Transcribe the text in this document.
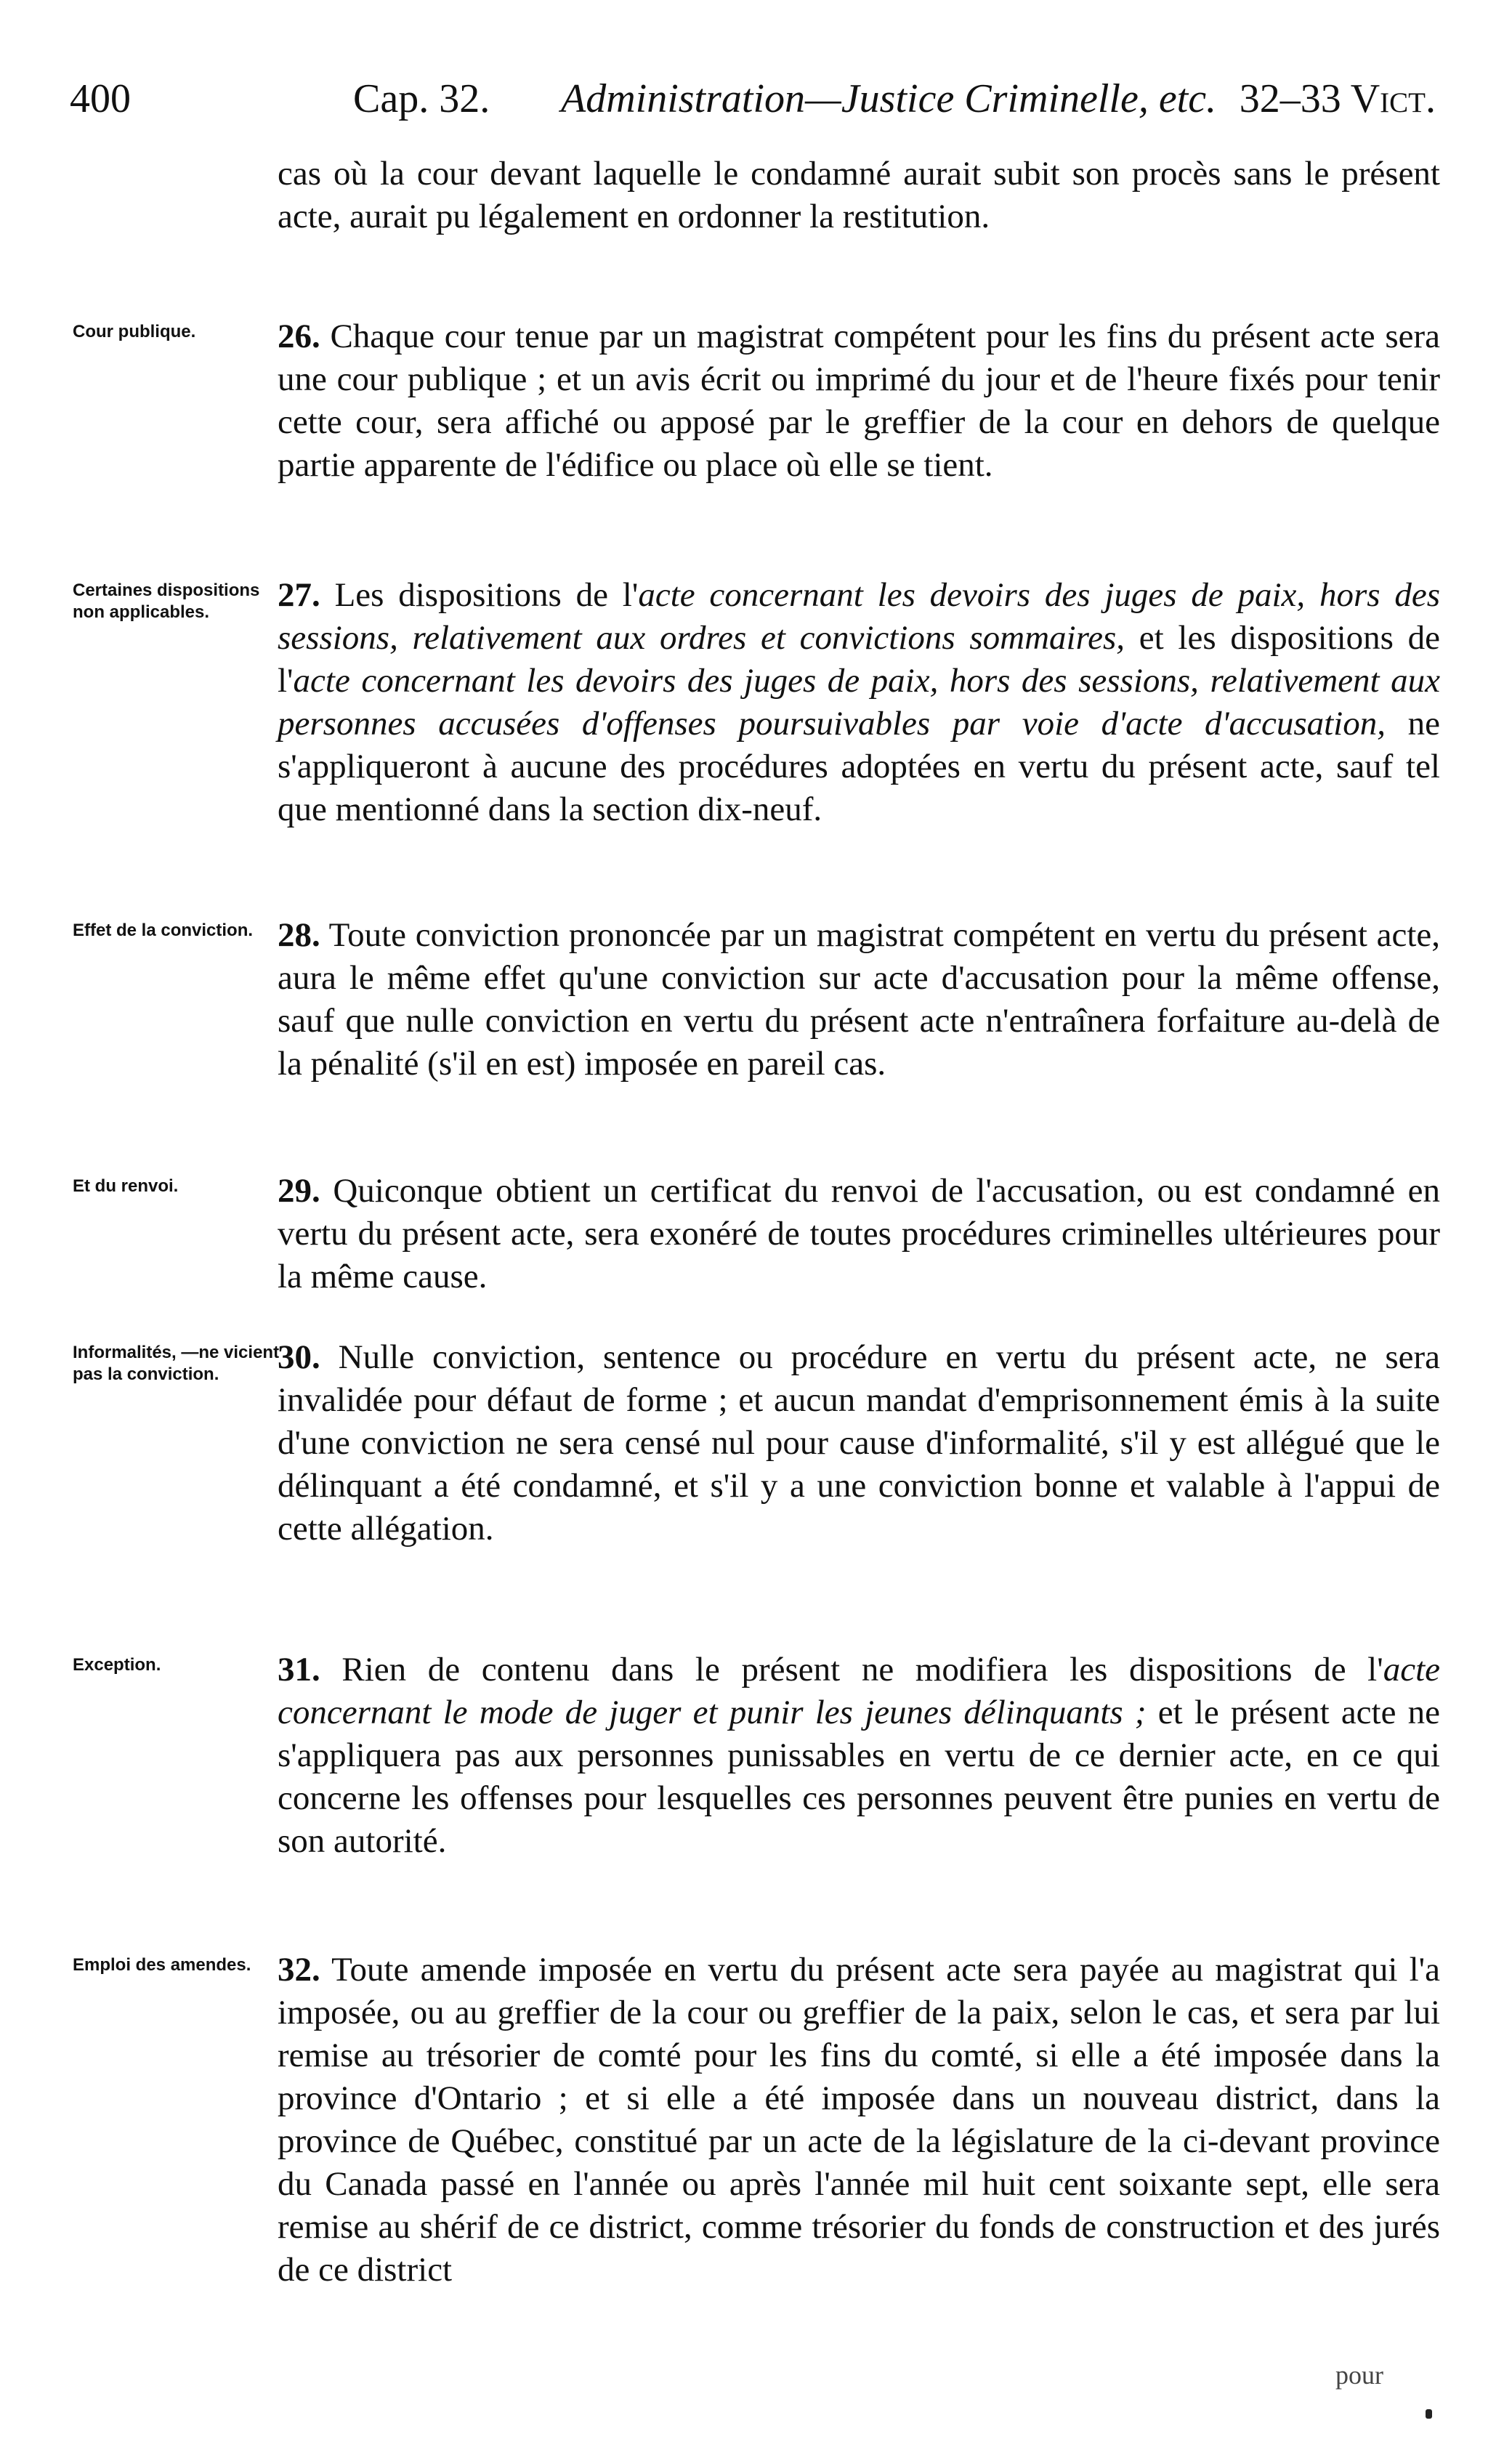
400	Cap. 32. Administration—Justice Criminelle, etc. 32–33 Vict.
cas où la cour devant laquelle le condamné aurait subit son procès sans le présent acte, aurait pu légalement en ordonner la restitution.
Cour publique.	26. Chaque cour tenue par un magistrat compétent pour les fins du présent acte sera une cour publique ; et un avis écrit ou imprimé du jour et de l'heure fixés pour tenir cette cour, sera affiché ou apposé par le greffier de la cour en dehors de quelque partie apparente de l'édifice ou place où elle se tient.
Certaines dispositions non applicables.	27. Les dispositions de l'acte concernant les devoirs des juges de paix, hors des sessions, relativement aux ordres et convictions sommaires, et les dispositions de l'acte concernant les devoirs des juges de paix, hors des sessions, relativement aux personnes accusées d'offenses poursuivables par voie d'acte d'accusation, ne s'appliqueront à aucune des procédures adoptées en vertu du présent acte, sauf tel que mentionné dans la section dix-neuf.
Effet de la conviction. 28. Toute conviction prononcée par un magistrat compétent en vertu du présent acte, aura le même effet qu'une conviction sur acte d'accusation pour la même offense, sauf que nulle conviction en vertu du présent acte n'entraînera forfaiture au-delà de la pénalité (s'il en est) imposée en pareil cas.
Et du renvoi.	29. Quiconque obtient un certificat du renvoi de l'accusation, ou est condamné en vertu du présent acte, sera exonéré de toutes procédures criminelles ultérieures pour la même cause.
Informalités, —ne vicient pas la conviction.	30. Nulle conviction, sentence ou procédure en vertu du présent acte, ne sera invalidée pour défaut de forme ; et aucun mandat d'emprisonnement émis à la suite d'une conviction ne sera censé nul pour cause d'informalité, s'il y est allégué que le délinquant a été condamné, et s'il y a une conviction bonne et valable à l'appui de cette allégation.
Exception.	31. Rien de contenu dans le présent ne modifiera les dispositions de l'acte concernant le mode de juger et punir les jeunes délinquants ; et le présent acte ne s'appliquera pas aux personnes punissables en vertu de ce dernier acte, en ce qui concerne les offenses pour lesquelles ces personnes peuvent être punies en vertu de son autorité.
Emploi des amendes. 32. Toute amende imposée en vertu du présent acte sera payée au magistrat qui l'a imposée, ou au greffier de la cour ou greffier de la paix, selon le cas, et sera par lui remise au trésorier de comté pour les fins du comté, si elle a été imposée dans la province d'Ontario ; et si elle a été imposée dans un nouveau district, dans la province de Québec, constitué par un acte de la législature de la ci-devant province du Canada passé en l'année ou après l'année mil huit cent soixante sept, elle sera remise au shérif de ce district, comme trésorier du fonds de construction et des jurés de ce district
pour
